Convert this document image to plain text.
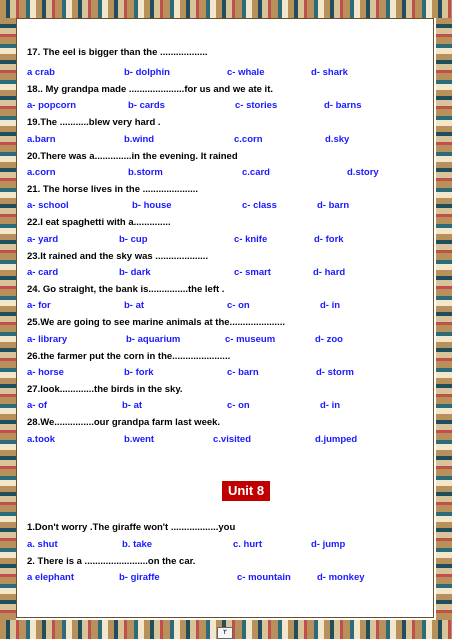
17. The eel is bigger than the ..................
a crab	b- dolphin	c- whale	d- shark
18.. My grandpa made .....................for us and we ate it.
a- popcorn	b- cards	c- stories	d- barns
19.The ...........blew very hard .
a.barn	b.wind	c.corn	d.sky
20.There was a..............in the evening. It rained
a.corn	b.storm	c.card	d.story
21. The horse lives in the .....................
a- school	b- house	c- class	d- barn
22.I eat spaghetti with a..............
a- yard	b- cup	c- knife	d- fork
23.It rained and the sky was ....................
a- card	b- dark	c- smart	d- hard
24. Go straight, the bank is...............the left .
a- for	b- at	c- on	d- in
25.We are going to see marine animals at the.....................
a- library	b- aquarium	c- museum	d- zoo
26.the farmer put the corn in the......................
a- horse	b- fork	c- barn	d- storm
27.look.............the birds in the sky.
a- of	b- at	c- on	d- in
28.We...............our grandpa farm last week.
a.took	b.went	c.visited	d.jumped
Unit 8
1.Don't worry .The giraffe won't ..................you
a. shut	b. take	c. hurt	d- jump
2. There is a ........................on the car.
a elephant	b- giraffe	c- mountain	d- monkey
٢
